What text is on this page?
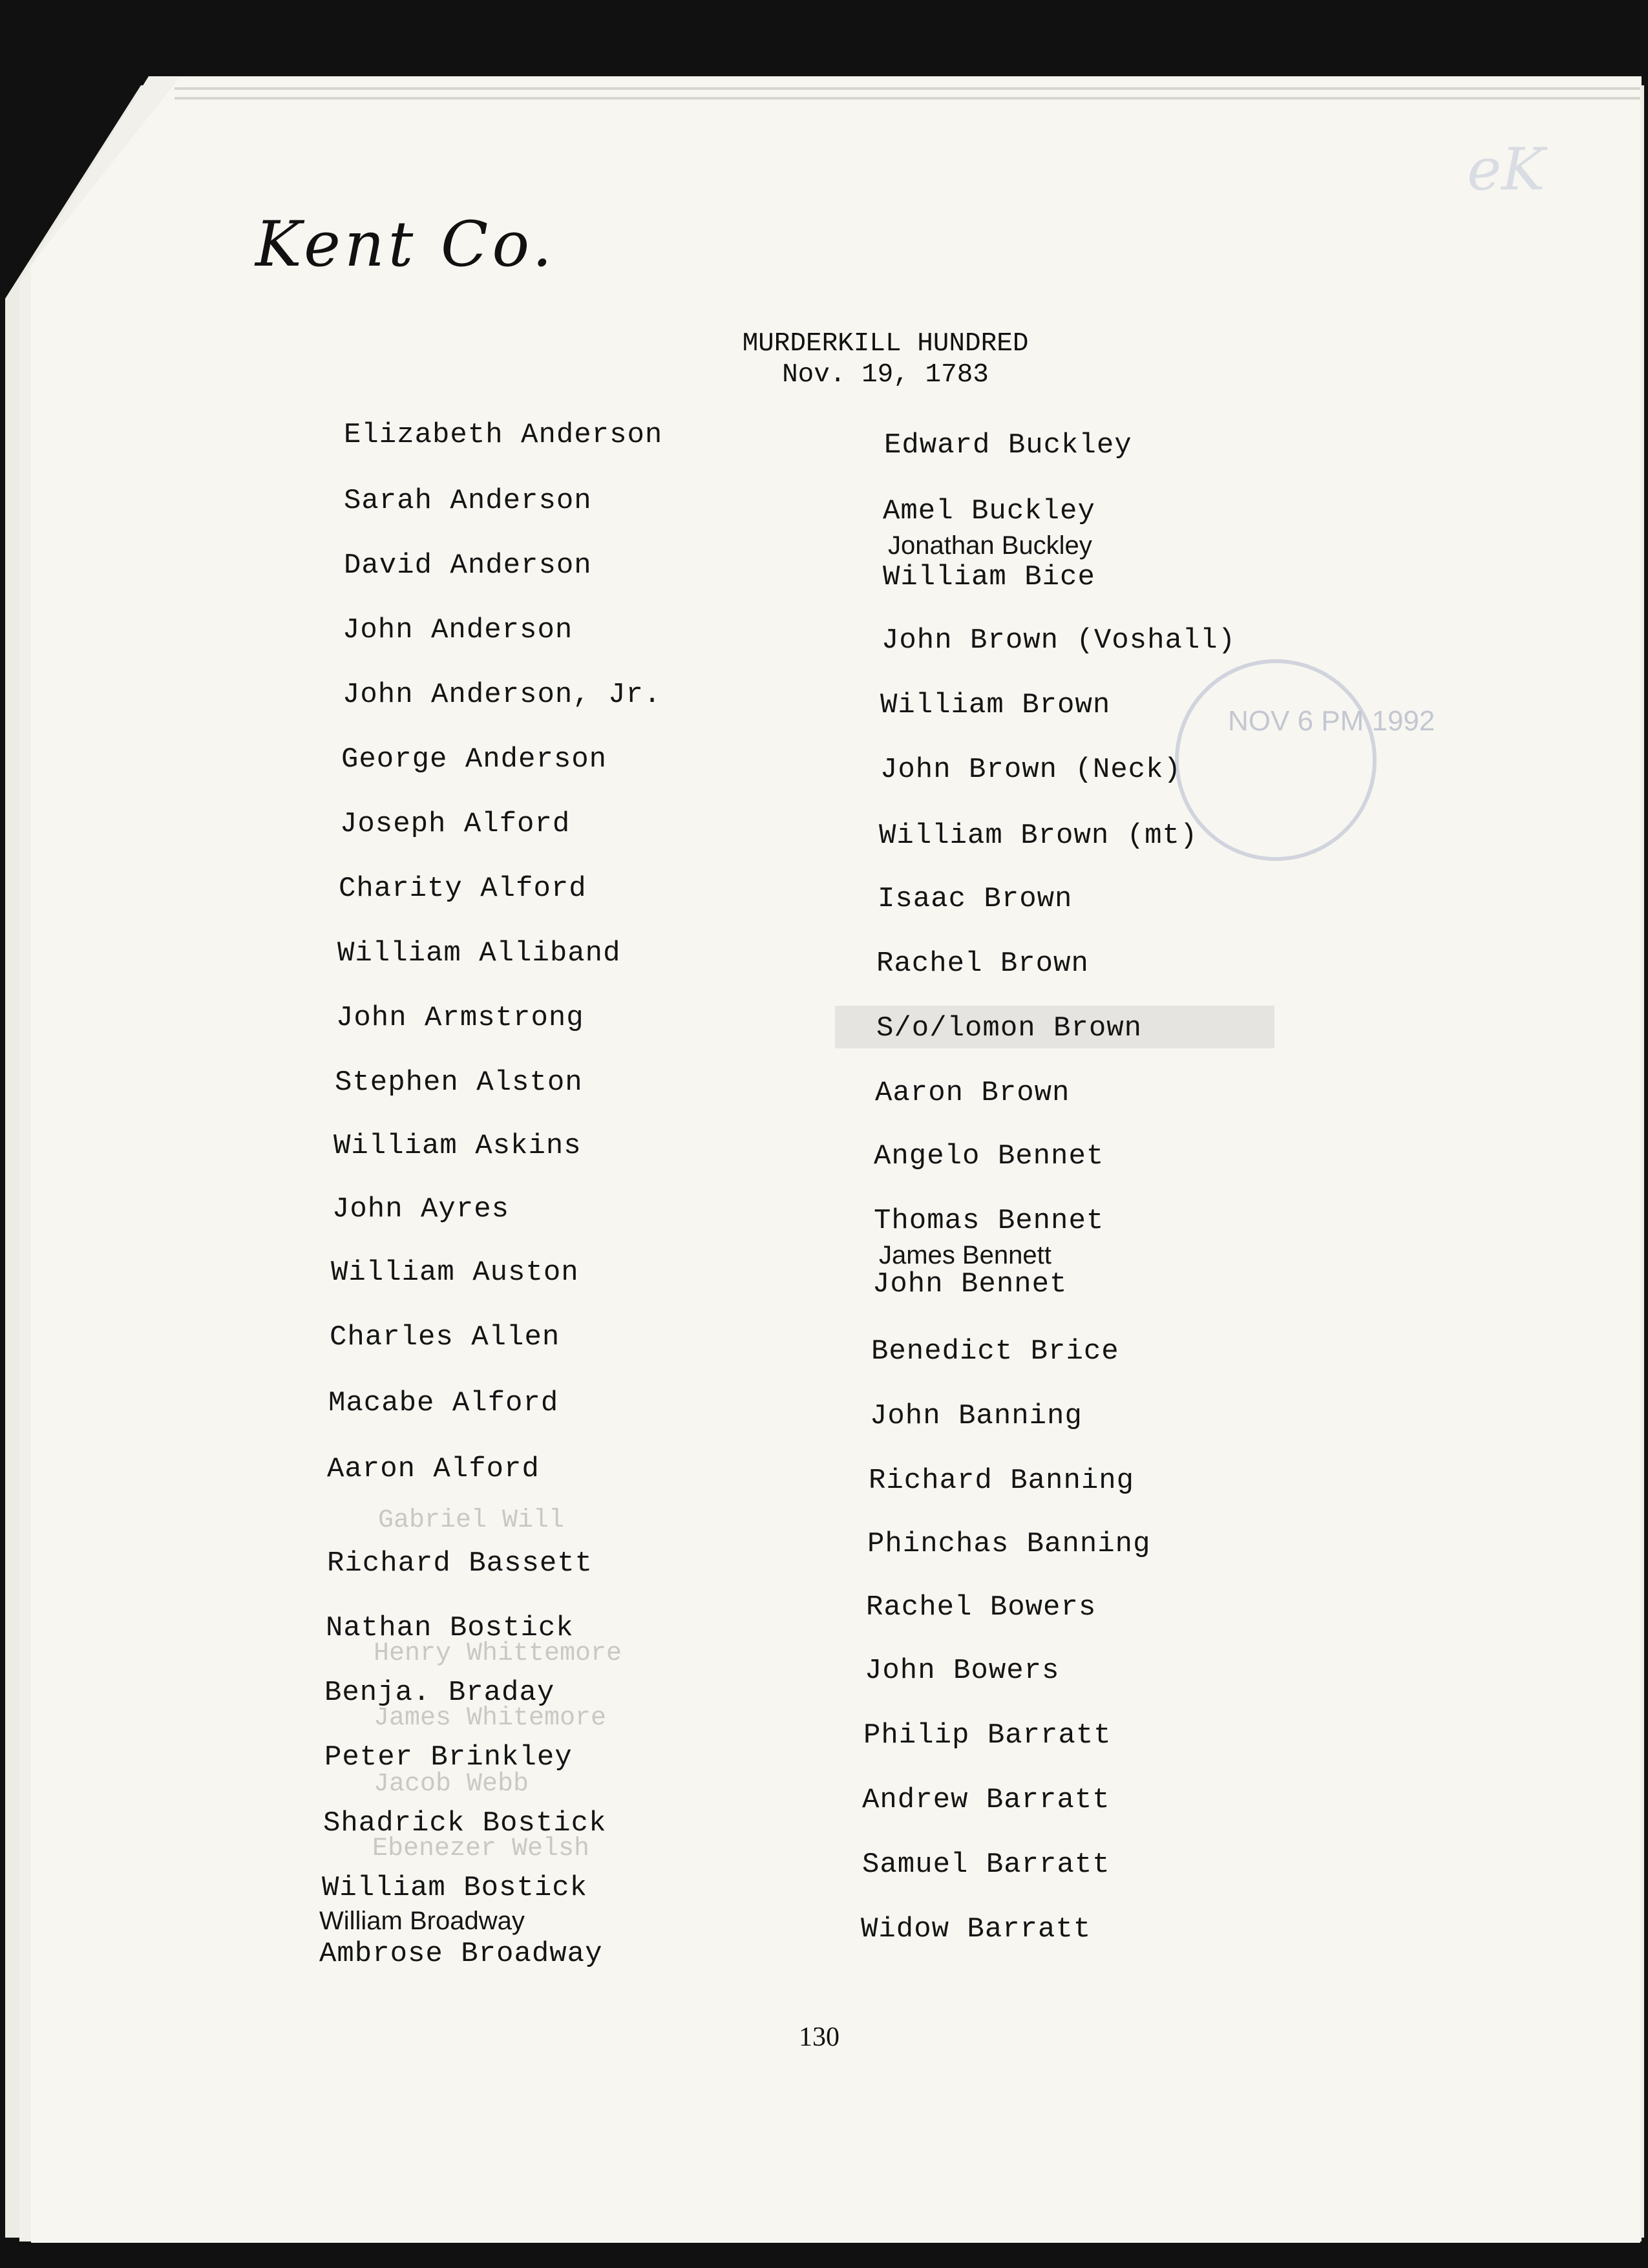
eK
NOV 6 PM 1992
Kent Co.
MURDERKILL HUNDRED
Nov. 19, 1783
Elizabeth Anderson
Sarah Anderson
David Anderson
John Anderson
John Anderson, Jr.
George Anderson
Joseph Alford
Charity Alford
William Alliband
John Armstrong
Stephen Alston
William Askins
John Ayres
William Auston
Charles Allen
Macabe Alford
Aaron Alford
Gabriel Will
Richard Bassett
Nathan Bostick
Henry Whittemore
Benja. Braday
James Whitemore
Peter Brinkley
Jacob Webb
Shadrick Bostick
Ebenezer Welsh
William Bostick
William Broadway
Ambrose Broadway
Edward Buckley
Amel Buckley
Jonathan Buckley
William Bice
John Brown (Voshall)
William Brown
John Brown (Neck)
William Brown (mt)
Isaac Brown
Rachel Brown
S/o/lomon Brown
Aaron Brown
Angelo Bennet
Thomas Bennet
James Bennett
John Bennet
Benedict Brice
John Banning
Richard Banning
Phinchas Banning
Rachel Bowers
John Bowers
Philip Barratt
Andrew Barratt
Samuel Barratt
Widow Barratt
130
